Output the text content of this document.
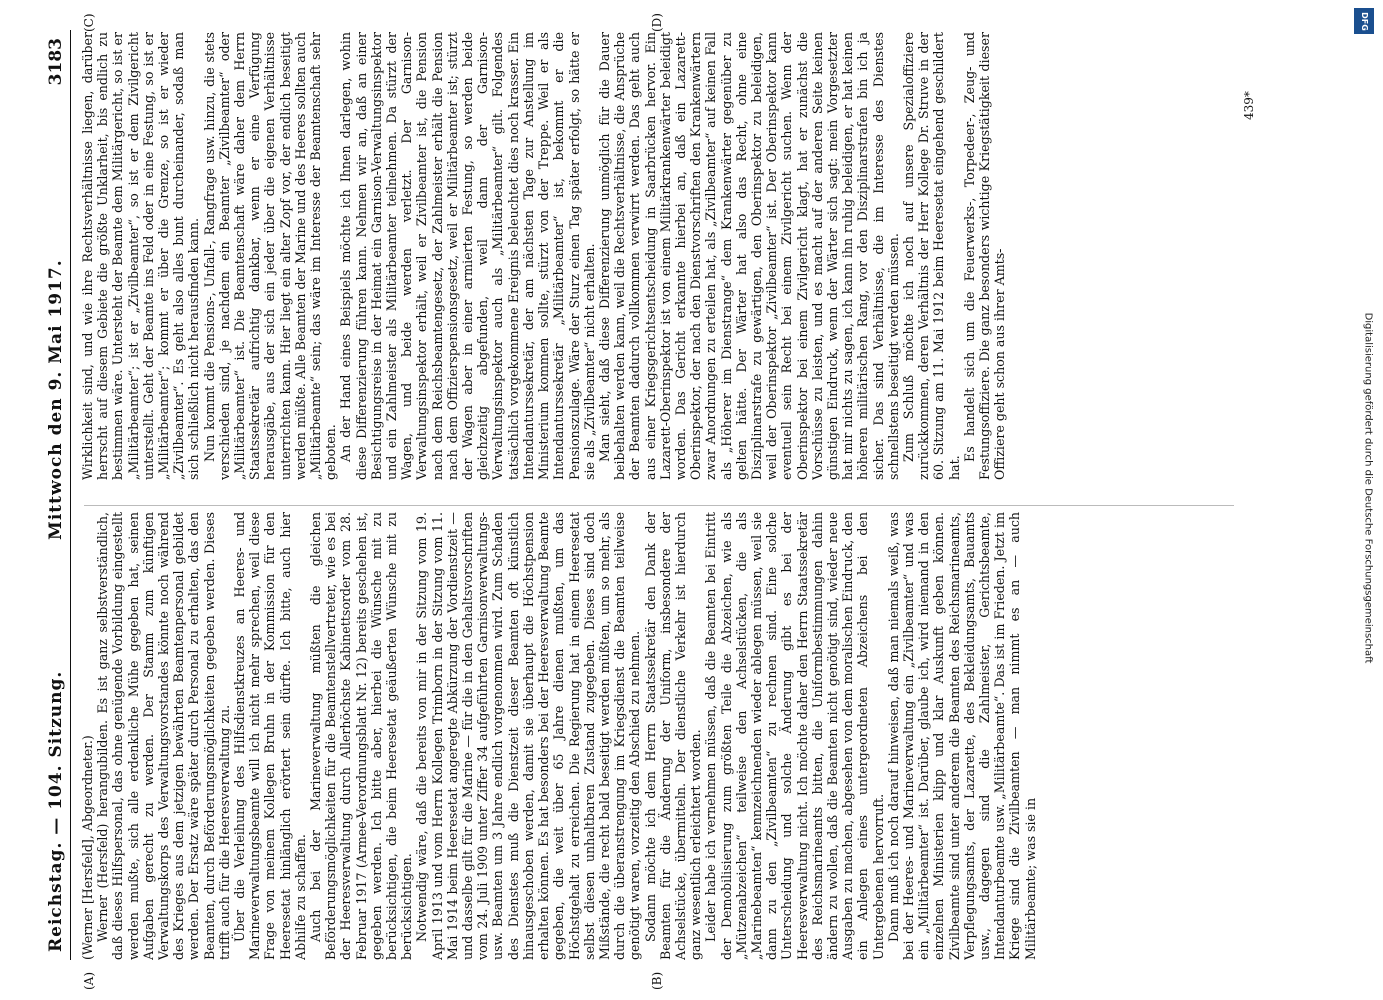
Reichstag. — 104. Sitzung.
Mittwoch den 9. Mai 1917.
3183
(A)	(B)
(C)	(D)

(Werner [Hersfeld], Abgeordneter.) Werner (Hersfeld) herangubilden. Es ist ganz selbstverständlich, daß dieses Hilfspersonal, das ohne genügende Vorbildung eingestellt werden mußte, sich alle erdenkliche Mühe gegeben hat, seinen Aufgaben gerecht zu werden. Der Stamm zum künftigen Verwaltungskorps des Verwaltungsvorstandes könnte noch während des Krieges aus dem jetzigen bewährten Beamtenpersonal gebildet werden. Der Ersatz wäre später durch Personal zu erhalten, das den Beamten, durch Beförderungsmöglichkeiten gegeben werden. Dieses trifft auch für die Heeresverwaltung zu. Über die Verleihung des Hilfsdienstkreuzes an Heeres- und Marineverwaltungsbeamte will ich nicht mehr sprechen, weil diese Frage von meinem Kollegen Bruhn in der Kommission für den Heeresetat hinlänglich erörtert sein dürfte. Ich bitte, auch hier Abhilfe zu schaffen. Auch bei der Marineverwaltung müßten die gleichen Beförderungsmöglichkeiten für die Beamtenstellvertreter, wie es bei der Heeresverwaltung durch Allerhöchste Kabinettsorder vom 28. Februar 1917 (Armee-Verordnungsblatt Nr. 12) bereits geschehen ist, gegeben werden. Ich bitte aber, hierbei die Wünsche mit zu berücksichtigen, die beim Heeresetat geäußerten Wünsche mit zu berücksichtigen. Notwendig wäre, daß die bereits von mir in der Sitzung vom 19. April 1913 und vom Herrn Kollegen Trimborn in der Sitzung vom 11. Mai 1914 beim Heeresetat angeregte Abkürzung der Vordienstzeit — und dasselbe gilt für die Marine — für die in den Gehaltsvorschriften vom 24. Juli 1909 unter Ziffer 34 aufgeführten Garnisonverwaltungs- usw. Beamten um 3 Jahre endlich vorgenommen wird. Zum Schaden des Dienstes muß die Dienstzeit dieser Beamten oft künstlich hinausgeschoben werden, damit sie überhaupt die Höchstpension erhalten können. Es hat besonders bei der Heeresverwaltung Beamte gegeben, die weit über 65 Jahre dienen mußten, um das Höchstgehalt zu erreichen. Die Regierung hat in einem Heeresetat selbst diesen unhaltbaren Zustand zugegeben. Dieses sind doch Mißstände, die recht bald beseitigt werden müßten, um so mehr, als durch die überanstrengung im Kriegsdienst die Beamten teilweise genötigt waren, vorzeitig den Abschied zu nehmen. Sodann möchte ich dem Herrn Staatssekretär den Dank der Beamten für die Änderung der Uniform, insbesondere der Achselstücke, übermitteln. Der dienstliche Verkehr ist hierdurch ganz wesentlich erleichtert worden. Leider habe ich vernehmen müssen, daß die Beamten bei Eintritt der Demobilisierung zum größten Teile die Abzeichen, wie als „Mützenabzeichen“ teilweise den Achselstücken, die als „Marinebeamten“ kennzeichnenden wieder ablegen müssen, weil sie dann zu den „Zivilbeamten“ zu rechnen sind. Eine solche Unterscheidung und solche Änderung gibt es bei der Heeresverwaltung nicht. Ich möchte daher den Herrn Staatssekretär des Reichsmarineamts bitten, die Uniformbestimmungen dahin ändern zu wollen, daß die Beamten nicht genötigt sind, wieder neue Ausgaben zu machen, abgesehen von dem moralischen Eindruck, den ein Anlegen eines untergeordneten Abzeichens bei den Untergebenen hervorruft. Dann muß ich noch darauf hinweisen, daß man niemals weiß, was bei der Heeres- und Marineverwaltung ein „Zivilbeamter“ und was ein „Militärbeamter“ ist. Darüber, glaube ich, wird niemand in den einzelnen Ministerien klipp und klar Auskunft geben können. Zivilbeamte sind unter anderem die Beamten des Reichsmarineamts, Verpflegungsamts, der Lazarette, des Bekleidungsamts, Bauamts usw., dagegen sind die Zahlmeister, Gerichtsbeamte, Intendanturbeamte usw. „Militärbeamte“. Das ist im Frieden. Jetzt im Kriege sind die Zivilbeamten — man nimmt es an — auch Militärbeamte; was sie in

Wirklichkeit sind, und wie ihre Rechtsverhältnisse liegen, darüber herrscht auf diesem Gebiete die größte Unklarheit, bis endlich zu bestimmen wäre. Untersteht der Beamte dem Militärgericht, so ist er „Militärbeamter“; ist er „Zivilbeamter“, so ist er dem Zivilgericht unterstellt. Geht der Beamte ins Feld oder in eine Festung, so ist er „Militärbeamter“; kommt er über die Grenze, so ist er wieder „Zivilbeamter“. Es geht also alles bunt durcheinander, sodaß man sich schließlich nicht herausfinden kann. Nun kommt die Pensions-, Unfall-, Rangfrage usw. hinzu, die stets verschieden sind, je nachdem ein Beamter „Zivilbeamter“ oder „Militärbeamter“ ist. Die Beamtenschaft wäre daher dem Herrn Staatssekretär aufrichtig dankbar, wenn er eine Verfügung herausgäbe, aus der sich ein jeder über die eigenen Verhältnisse unterrichten kann. Hier liegt ein alter Zopf vor, der endlich beseitigt werden müßte. Alle Beamten der Marine und des Heeres sollten auch „Militärbeamte“ sein; das wäre im Interesse der Beamtenschaft sehr geboten. An der Hand eines Beispiels möchte ich Ihnen darlegen, wohin diese Differenzierung führen kann. Nehmen wir an, daß an einer Besichtigungsreise in der Heimat ein Garnison-Verwaltungsinspektor und ein Zahlmeister als Militärbeamter teilnehmen. Da stürzt der Wagen, und beide werden verletzt. Der Garnison-Verwaltungsinspektor erhält, weil er Zivilbeamter ist, die Pension nach dem Reichsbeamtengesetz, der Zahlmeister erhält die Pension nach dem Offizierspensionsgesetz, weil er Militärbeamter ist; stürzt der Wagen aber in einer armierten Festung, so werden beide gleichzeitig abgefunden, weil dann der Garnison-Verwaltungsinspektor auch als „Militärbeamter“ gilt. Folgendes tatsächlich vorgekommene Ereignis beleuchtet dies noch krasser. Ein Intendanturssekretär, der am nächsten Tage zur Anstellung im Ministerium kommen sollte, stürzt von der Treppe. Weil er als Intendanturssekretär „Militärbeamter“ ist, bekommt er die Pensionszulage. Wäre der Sturz einen Tag später erfolgt, so hätte er sie als „Zivilbeamter“ nicht erhalten. Man sieht, daß diese Differenzierung unmöglich für die Dauer beibehalten werden kann, weil die Rechtsverhältnisse, die Ansprüche der Beamten dadurch vollkommen verwirrt werden. Das geht auch aus einer Kriegsgerichtsentscheidung in Saarbrücken hervor. Ein Lazarett-Oberinspektor ist von einem Militärkrankenwärter beleidigt worden. Das Gericht erkannte hierbei an, daß ein Lazarett-Oberinspektor, der nach den Dienstvorschriften den Krankenwärtern zwar Anordnungen zu erteilen hat, als „Zivilbeamter“ auf keinen Fall als „Höherer im Dienstrange“ dem Krankenwärter gegenüber zu gelten hätte. Der Wärter hat also das Recht, ohne eine Disziplinarstrafe zu gewärtigen, den Oberinspektor zu beleidigen, weil der Oberinspektor „Zivilbeamter“ ist. Der Oberinspektor kann eventuell sein Recht bei einem Zivilgericht suchen. Wenn der Oberinspektor bei einem Zivilgericht klagt, hat er zunächst die Vorschüsse zu leisten, und es macht auf der anderen Seite keinen günstigen Eindruck, wenn der Wärter sich sagt: mein Vorgesetzter hat mir nichts zu sagen, ich kann ihn ruhig beleidigen, er hat keinen höheren militärischen Rang, vor den Disziplinarstrafen bin ich ja sicher. Das sind Verhältnisse, die im Interesse des Dienstes schnellstens beseitigt werden müssen. Zum Schluß möchte ich noch auf unsere Spezialoffiziere zurückkommen, deren Verhältnis der Herr Kollege Dr. Struve in der 60. Sitzung am 11. Mai 1912 beim Heeresetat eingehend geschildert hat.

Es handelt sich um die Feuerwerks-, Torpedeer-, Zeug- und Festungsoffiziere. Die ganz besonders wichtige Kriegstätigkeit dieser Offiziere geht schon aus ihrer Amts-

439*
DFG
Digitalisierung gefördert durch die Deutsche Forschungsgemeinschaft
